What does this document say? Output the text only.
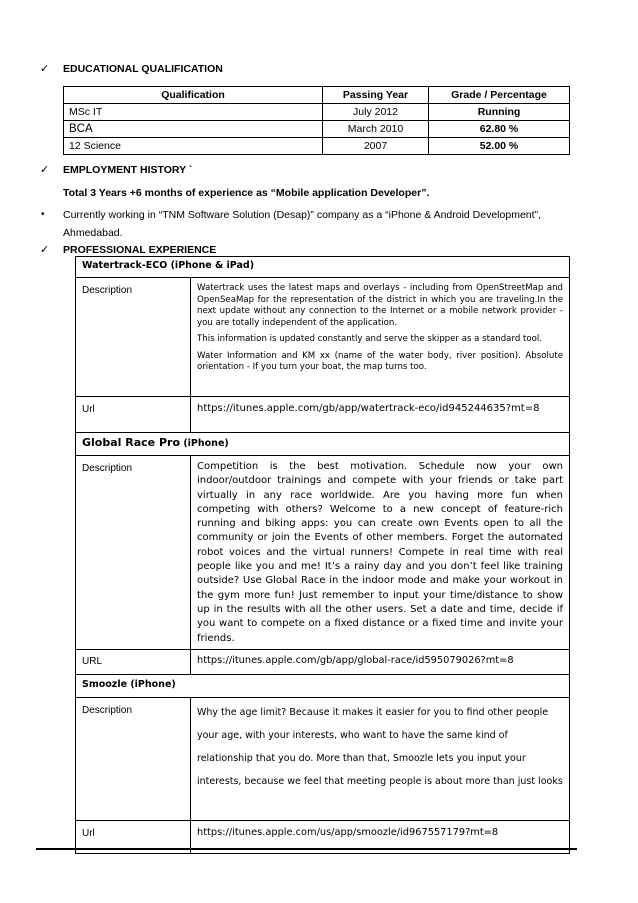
✓ EDUCATIONAL QUALIFICATION
Qualification	Passing Year	Grade / Percentage
MSc IT	July 2012	Running
BCA	March 2010	62.80 %
12 Science	2007	52.00 %
✓ EMPLOYMENT HISTORY `
Total 3 Years +6 months of experience as “Mobile application Developer”.
• Currently working in “TNM Software Solution (Desap)” company as a “iPhone & Android Development”,
Ahmedabad.
✓ PROFESSIONAL EXPERIENCE
Watertrack-ECO (iPhone & iPad)	
Description	Watertrack uses the latest maps and overlays - including from OpenStreetMap and OpenSeaMap for the representation of the district in which you are traveling.In the next update without any connection to the Internet or a mobile network provider - you are totally independent of the application.

This information is updated constantly and serve the skipper as a standard tool.

Water Information and KM xx (name of the water body, river position). Absolute orientation - If you turn your boat, the map turns too.

Url	https://itunes.apple.com/gb/app/watertrack-eco/id945244635?mt=8
Global Race Pro (iPhone)	
Description	Competition is the best motivation. Schedule now your own indoor/outdoor trainings and compete with your friends or take part virtually in any race worldwide. Are you having more fun when competing with others? Welcome to a new concept of feature-rich running and biking apps: you can create own Events open to all the community or join the Events of other members. Forget the automated robot voices and the virtual runners! Compete in real time with real people like you and me! It’s a rainy day and you don’t feel like training outside? Use Global Race in the indoor mode and make your workout in the gym more fun! Just remember to input your time/distance to show up in the results with all the other users. Set a date and time, decide if you want to compete on a fixed distance or a fixed time and invite your friends.
URL	https://itunes.apple.com/gb/app/global-race/id595079026?mt=8
Smoozle (iPhone)	
Description	Why the age limit? Because it makes it easier for you to find other people your age, with your interests, who want to have the same kind of relationship that you do. More than that, Smoozle lets you input your interests, because we feel that meeting people is about more than just looks
Url	https://itunes.apple.com/us/app/smoozle/id967557179?mt=8
